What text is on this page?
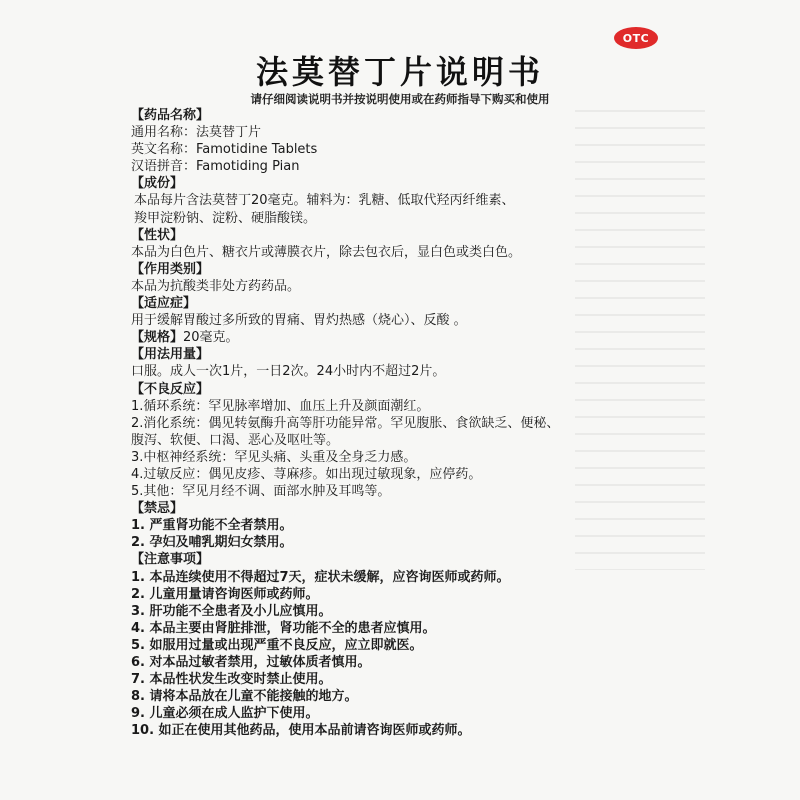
OTC
法莫替丁片说明书
请仔细阅读说明书并按说明使用或在药师指导下购买和使用
【药品名称】
通用名称：法莫替丁片
英文名称：Famotidine Tablets
汉语拼音：Famotiding Pian
【成份】
本品每片含法莫替丁20毫克。辅料为：乳糖、低取代羟丙纤维素、
羧甲淀粉钠、淀粉、硬脂酸镁。
【性状】
本品为白色片、糖衣片或薄膜衣片，除去包衣后，显白色或类白色。
【作用类别】
本品为抗酸类非处方药药品。
【适应症】
用于缓解胃酸过多所致的胃痛、胃灼热感（烧心）、反酸 。
【规格】20毫克。
【用法用量】
口服。成人一次1片，一日2次。24小时内不超过2片。
【不良反应】
1.循环系统：罕见脉率增加、血压上升及颜面潮红。
2.消化系统：偶见转氨酶升高等肝功能异常。罕见腹胀、食欲缺乏、便秘、
腹泻、软便、口渴、恶心及呕吐等。
3.中枢神经系统：罕见头痛、头重及全身乏力感。
4.过敏反应：偶见皮疹、荨麻疹。如出现过敏现象，应停药。
5.其他：罕见月经不调、面部水肿及耳鸣等。
【禁忌】
1. 严重肾功能不全者禁用。
2. 孕妇及哺乳期妇女禁用。
【注意事项】
1. 本品连续使用不得超过7天，症状未缓解，应咨询医师或药师。
2. 儿童用量请咨询医师或药师。
3. 肝功能不全患者及小儿应慎用。
4. 本品主要由肾脏排泄，肾功能不全的患者应慎用。
5. 如服用过量或出现严重不良反应，应立即就医。
6. 对本品过敏者禁用，过敏体质者慎用。
7. 本品性状发生改变时禁止使用。
8. 请将本品放在儿童不能接触的地方。
9. 儿童必须在成人监护下使用。
10. 如正在使用其他药品，使用本品前请咨询医师或药师。
